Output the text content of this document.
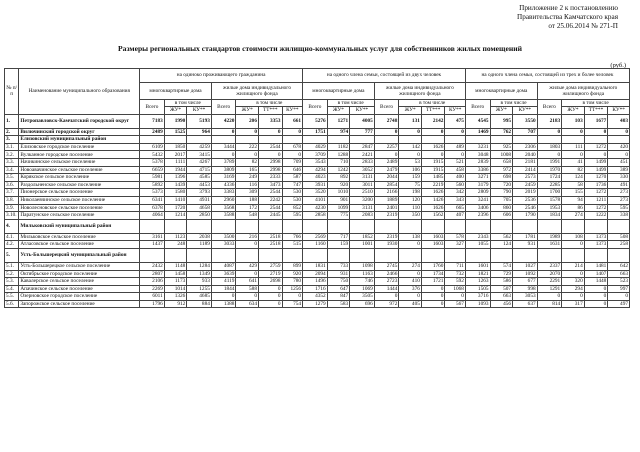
Приложение 2 к постановлению
Правительства Камчатского края
от 25.06.2014 № 271-П
Размеры региональных стандартов стоимости жилищно-коммунальных услуг для собственников жилых помещений
(руб.)
№ п/п	Наименование муниципального образования	на одиноко проживающего гражданина							на одного члена семьи, состоящей из двух человек							на одного члена семьи, состоящей из трех и более человек						
		многоквартирные дома			жилые дома индивидуального жилищного фонда				многоквартирные дома			жилые дома индивидуального жилищного фонда				многоквартирные дома			жилые дома индивидуального жилищного фонда			
		Всего	в том числе		Всего	в том числе			Всего	в том числе		Всего	в том числе			Всего	в том числе		Всего	в том числе		
			ЖУ*	КУ**		ЖУ*	ТТ***	КУ**		ЖУ*	КУ**		ЖУ*	ТТ***	КУ**		ЖУ*	КУ**		ЖУ*	ТТ***	КУ**
1.	Петропавловск-Камчатский городской округ	7183	1990	5193	4220	206	3353	661	5276	1271	4005	2748	131	2142	475	4545	995	3550	2183	103	1677	403
2.	Вилючинский городской округ	2489	1525	964	0	0	0	0	1751	974	777	0	0	0	0	1469	762	707	0	0	0	0
3.	Елизовский муниципальный район																					
3.1.	Елизовское городское поселение	6109	1850	4259	3444	222	2544	678	4029	1182	2847	2257	142	1626	489	3231	925	2306	1803	111	1272	420
3.2.	Вулканное городское поселение	5432	2017	3415	0	0	0	0	3709	1288	2421	0	0	0	0	3048	1008	2040	0	0	0	0
3.3.	Начикинское сельское поселение	5378	1111	4267	3789	82	2998	709	3543	710	2833	2489	53	1915	521	2839	658	2181	1991	41	1499	451
3.4.	Новоавачинское сельское поселение	6659	1944	4715	3809	165	2998	646	4294	1242	3052	2479	106	1915	458	3386	972	2414	1970	82	1499	389
3.5.	Корякское сельское поселение	5981	1396	4585	3169	249	2333	587	4023	892	3131	2044	159	1485	400	3271	698	2573	1724	124	1270	330
3.6.	Раздольненское сельское поселение	5892	1439	4453	4336	116	3473	747	3931	920	3011	2854	75	2219	560	3179	720	2459	2285	58	1736	491
3.7.	Пионерское сельское поселение	5373	1580	3793	3383	309	2544	530	3520	1010	2510	2166	198	1626	342	2809	790	2019	1700	155	1272	273
3.8.	Николаевчинское сельское поселение	6341	1410	4931	2960	188	2242	530	4101	901	3200	1889	120	1426	343	3241	705	2536	1578	94	1211	273
3.9.	Новолесновское сельское поселение	6378	1720	4658	3568	172	2544	852	4230	1099	3131	2401	110	1626	665	3406	860	2546	1953	86	1272	595
3.10.	Паратунское сельское поселение	4064	1214	2850	3588	548	2445	595	2858	775	2083	2319	350	1562	407	2396	606	1790	1834	274	1222	338
4.	Мильковский муниципальный район																					
4.1.	Мильковское сельское поселение	3161	1123	2038	3500	216	2518	766	2569	717	1852	2319	138	1603	578	2343	562	1781	1989	108	1373	508
4.2.	Атласовское сельское поселение	1437	248	1189	3033	0	2518	515	1160	159	1001	1930	0	1603	327	1055	124	931	1631	0	1373	258
5.	Усть-Большерецкий муниципальный район																					
5.1.	Усть-Большерецкое сельское поселение	2432	1148	1284	4087	429	2759	899	1831	733	1098	2745	274	1760	711	1601	574	1027	2337	214	1481	642
5.2.	Октябрьское городское поселение	2807	1458	1349	3639	0	2719	920	2094	931	1163	2466	0	1734	732	1821	729	1092	2070	0	1407	663
5.3.	Кавалерское сельское поселение	2106	1173	933	4119	641	2698	780	1496	750	746	2723	410	1721	592	1263	586	677	2291	320	1448	523
5.4.	Апачинское сельское поселение	2269	1014	1255	1844	588	0	1256	1716	647	1069	1444	376	0	1068	1505	507	998	1291	294	0	997
5.5.	Озерновское городское поселение	6011	1326	4685	0	0	0	0	4352	847	3505	0	0	0	0	3716	663	3053	0	0	0	0
5.6.	Запорожское сельское поселение	1796	912	884	1388	634	0	754	1279	583	696	972	405	0	567	1093	456	637	814	317	0	497
